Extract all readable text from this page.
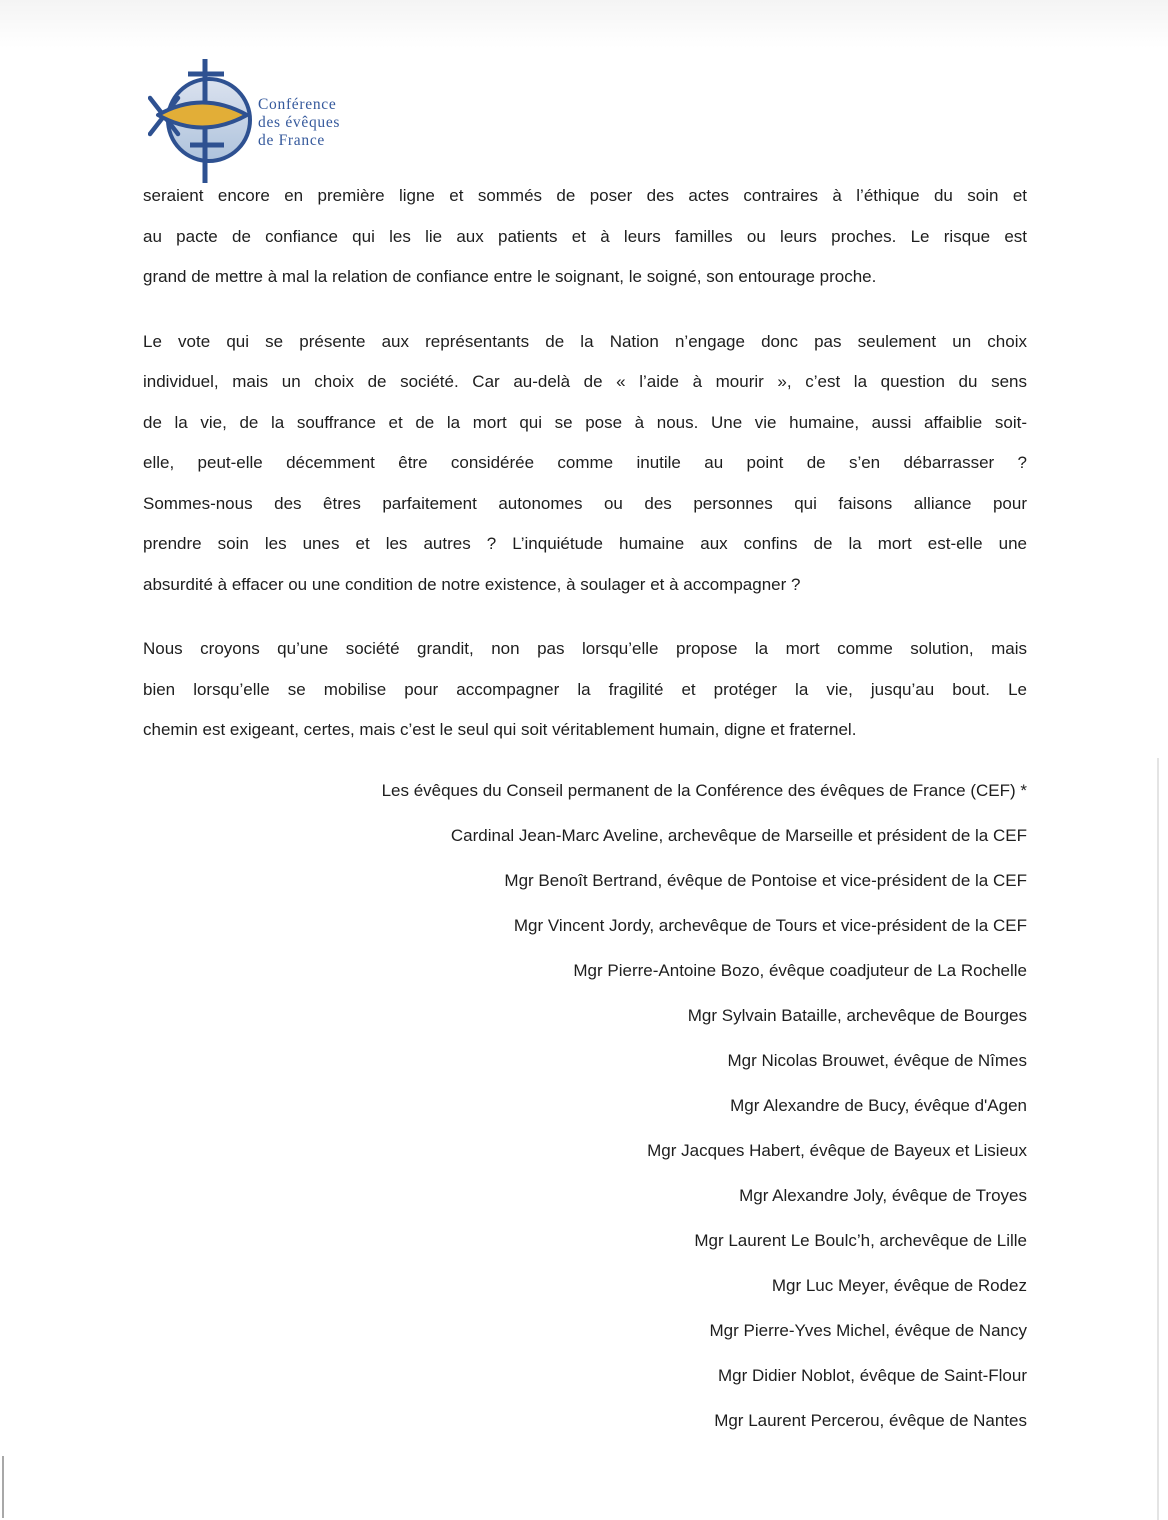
Conférence
des évêques
de France
seraient encore en première ligne et sommés de poser des actes contraires à l’éthique du soin et
au pacte de confiance qui les lie aux patients et à leurs familles ou leurs proches. Le risque est
grand de mettre à mal la relation de confiance entre le soignant, le soigné, son entourage proche.
Le vote qui se présente aux représentants de la Nation n’engage donc pas seulement un choix
individuel, mais un choix de société. Car au-delà de « l’aide à mourir », c’est la question du sens
de la vie, de la souffrance et de la mort qui se pose à nous. Une vie humaine, aussi affaiblie soit-
elle, peut-elle décemment être considérée comme inutile au point de s’en débarrasser ?
Sommes-nous des êtres parfaitement autonomes ou des personnes qui faisons alliance pour
prendre soin les unes et les autres ? L’inquiétude humaine aux confins de la mort est-elle une
absurdité à effacer ou une condition de notre existence, à soulager et à accompagner ?
Nous croyons qu’une société grandit, non pas lorsqu’elle propose la mort comme solution, mais
bien lorsqu’elle se mobilise pour accompagner la fragilité et protéger la vie, jusqu’au bout. Le
chemin est exigeant, certes, mais c’est le seul qui soit véritablement humain, digne et fraternel.
Les évêques du Conseil permanent de la Conférence des évêques de France (CEF) *
Cardinal Jean-Marc Aveline, archevêque de Marseille et président de la CEF
Mgr Benoît Bertrand, évêque de Pontoise et vice-président de la CEF
Mgr Vincent Jordy, archevêque de Tours et vice-président de la CEF
Mgr Pierre-Antoine Bozo, évêque coadjuteur de La Rochelle
Mgr Sylvain Bataille, archevêque de Bourges
Mgr Nicolas Brouwet, évêque de Nîmes
Mgr Alexandre de Bucy, évêque d'Agen
Mgr Jacques Habert, évêque de Bayeux et Lisieux
Mgr Alexandre Joly, évêque de Troyes
Mgr Laurent Le Boulc’h, archevêque de Lille
Mgr Luc Meyer, évêque de Rodez
Mgr Pierre-Yves Michel, évêque de Nancy
Mgr Didier Noblot, évêque de Saint-Flour
Mgr Laurent Percerou, évêque de Nantes
